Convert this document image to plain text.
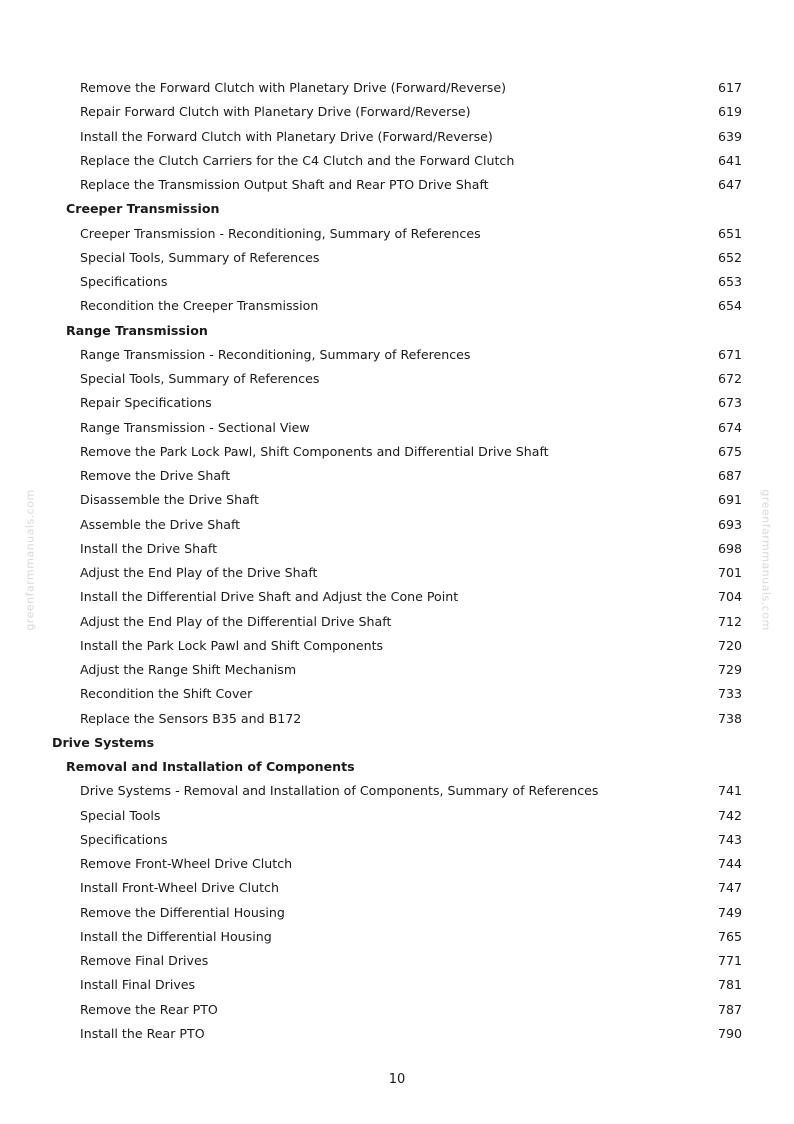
Remove the Forward Clutch with Planetary Drive (Forward/Reverse)	617
Repair Forward Clutch with Planetary Drive (Forward/Reverse)	619
Install the Forward Clutch with Planetary Drive (Forward/Reverse)	639
Replace the Clutch Carriers for the C4 Clutch and the Forward Clutch	641
Replace the Transmission Output Shaft and Rear PTO Drive Shaft	647
Creeper Transmission
Creeper Transmission - Reconditioning, Summary of References	651
Special Tools, Summary of References	652
Specifications	653
Recondition the Creeper Transmission	654
Range Transmission
Range Transmission - Reconditioning, Summary of References	671
Special Tools, Summary of References	672
Repair Specifications	673
Range Transmission - Sectional View	674
Remove the Park Lock Pawl, Shift Components and Differential Drive Shaft	675
Remove the Drive Shaft	687
Disassemble the Drive Shaft	691
Assemble the Drive Shaft	693
Install the Drive Shaft	698
Adjust the End Play of the Drive Shaft	701
Install the Differential Drive Shaft and Adjust the Cone Point	704
Adjust the End Play of the Differential Drive Shaft	712
Install the Park Lock Pawl and Shift Components	720
Adjust the Range Shift Mechanism	729
Recondition the Shift Cover	733
Replace the Sensors B35 and B172	738
Drive Systems
Removal and Installation of Components
Drive Systems - Removal and Installation of Components, Summary of References	741
Special Tools	742
Specifications	743
Remove Front-Wheel Drive Clutch	744
Install Front-Wheel Drive Clutch	747
Remove the Differential Housing	749
Install the Differential Housing	765
Remove Final Drives	771
Install Final Drives	781
Remove the Rear PTO	787
Install the Rear PTO	790
greenfarmmanuals.com	greenfarmmanuals.com
10
